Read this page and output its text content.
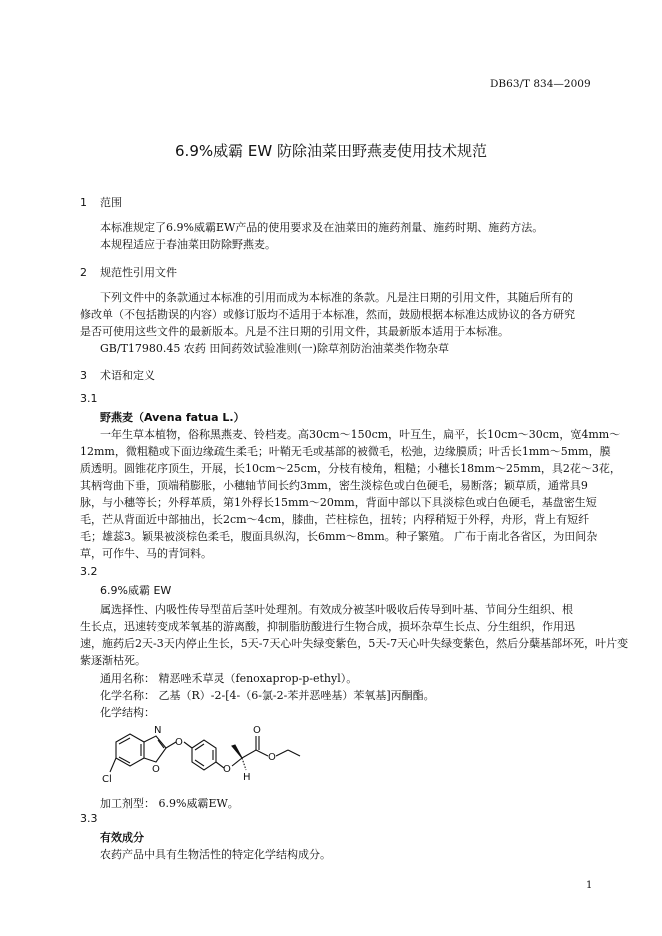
DB63/T 834—2009
6.9%威霸 EW 防除油菜田野燕麦使用技术规范
1 范围
本标准规定了6.9%威霸EW产品的使用要求及在油菜田的施药剂量、施药时期、施药方法。
本规程适应于春油菜田防除野燕麦。
2 规范性引用文件
下列文件中的条款通过本标准的引用而成为本标准的条款。凡是注日期的引用文件，其随后所有的
修改单（不包括勘误的内容）或修订版均不适用于本标准，然而，鼓励根据本标准达成协议的各方研究
是否可使用这些文件的最新版本。凡是不注日期的引用文件，其最新版本适用于本标准。
GB/T17980.45 农药 田间药效试验准则(一)除草剂防治油菜类作物杂草
3 术语和定义
3.1
野燕麦（Avena fatua L.）
一年生草本植物，俗称黑燕麦、铃档麦。高30cm～150cm，叶互生，扁平，长10cm～30cm，宽4mm～
12mm，微粗糙或下面边缘疏生柔毛；叶鞘无毛或基部的被微毛，松弛，边缘膜质；叶舌长1mm～5mm，膜
质透明。圆锥花序顶生，开展，长10cm～25cm，分枝有棱角，粗糙；小穗长18mm～25mm，具2花～3花，
其柄弯曲下垂，顶端稍膨胀，小穗轴节间长约3mm，密生淡棕色或白色硬毛，易断落；颖草质，通常具9
脉，与小穗等长；外稃革质，第1外稃长15mm～20mm，背面中部以下具淡棕色或白色硬毛，基盘密生短
毛，芒从背面近中部抽出，长2cm～4cm，膝曲，芒柱棕色，扭转；内稃稍短于外稃，舟形，背上有短纤
毛；雄蕊3。颖果被淡棕色柔毛，腹面具纵沟，长6mm～8mm。种子繁殖。 广布于南北各省区，为田间杂
草，可作牛、马的青饲料。
3.2
6.9%威霸 EW
属选择性、内吸性传导型苗后茎叶处理剂。有效成分被茎叶吸收后传导到叶基、节间分生组织、根
生长点，迅速转变成苯氧基的游离酸，抑制脂肪酸进行生物合成，损坏杂草生长点、分生组织，作用迅
速，施药后2天-3天内停止生长，5天-7天心叶失绿变紫色，5天-7天心叶失绿变紫色，然后分蘖基部坏死，叶片变
紫逐渐枯死。
通用名称： 精恶唑禾草灵（fenoxaprop-p-ethyl）。
化学名称： 乙基（R）-2-[4-（6-氯-2-苯并恶唑基）苯氧基]丙酮酯。
化学结构：
N
O
O
O
O
O
H
Cl
加工剂型： 6.9%威霸EW。
3.3
有效成分
农药产品中具有生物活性的特定化学结构成分。
1
